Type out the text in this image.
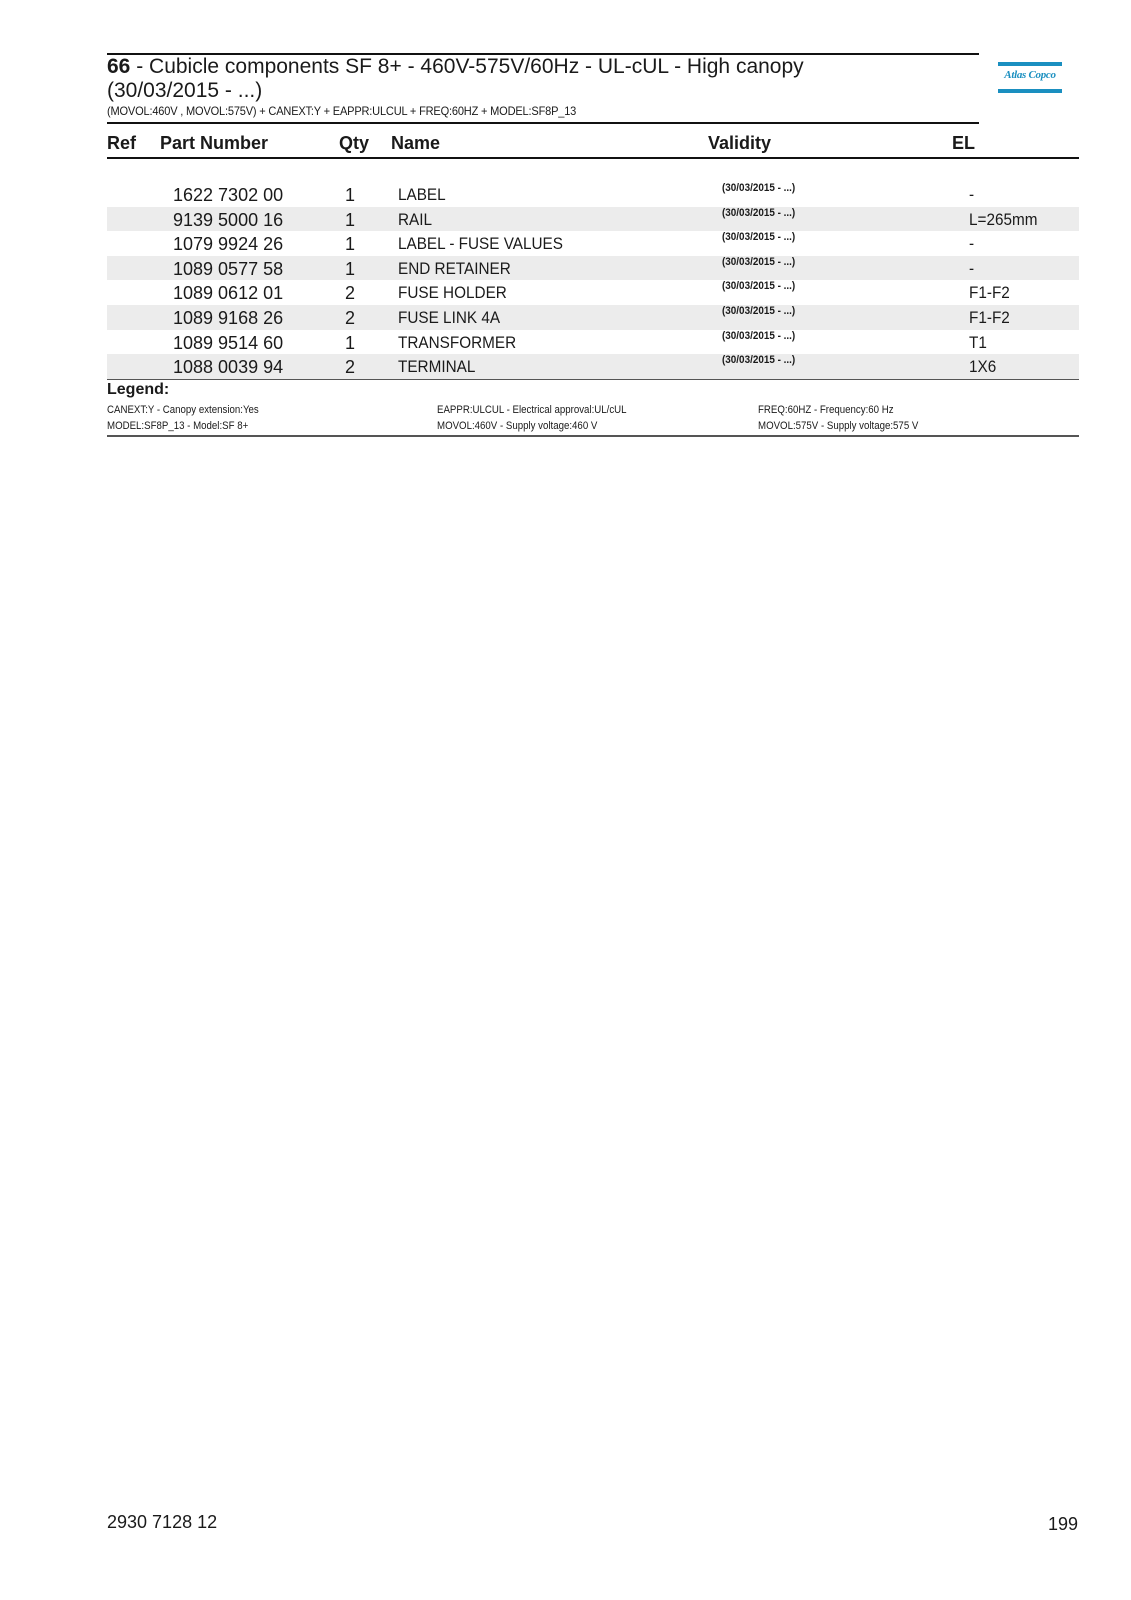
66 - Cubicle components SF 8+ - 460V-575V/60Hz - UL-cUL - High canopy
(30/03/2015 - ...)
(MOVOL:460V , MOVOL:575V) + CANEXT:Y + EAPPR:ULCUL + FREQ:60HZ + MODEL:SF8P_13
Atlas Copco
Ref Part Number	Qty Name	Validity	EL
1622 7302 00	1	LABEL	(30/03/2015 - ...)	-
9139 5000 16	1	RAIL	(30/03/2015 - ...)	L=265mm
1079 9924 26	1	LABEL - FUSE VALUES	(30/03/2015 - ...)	-
1089 0577 58	1	END RETAINER	(30/03/2015 - ...)	-
1089 0612 01	2	FUSE HOLDER	(30/03/2015 - ...)	F1-F2
1089 9168 26	2	FUSE LINK 4A	(30/03/2015 - ...)	F1-F2
1089 9514 60	1	TRANSFORMER	(30/03/2015 - ...)	T1
1088 0039 94	2	TERMINAL	(30/03/2015 - ...)	1X6
Legend:
CANEXT:Y - Canopy extension:Yes	EAPPR:ULCUL - Electrical approval:UL/cUL	FREQ:60HZ - Frequency:60 Hz
MODEL:SF8P_13 - Model:SF 8+	MOVOL:460V - Supply voltage:460 V	MOVOL:575V - Supply voltage:575 V
2930 7128 12	199
